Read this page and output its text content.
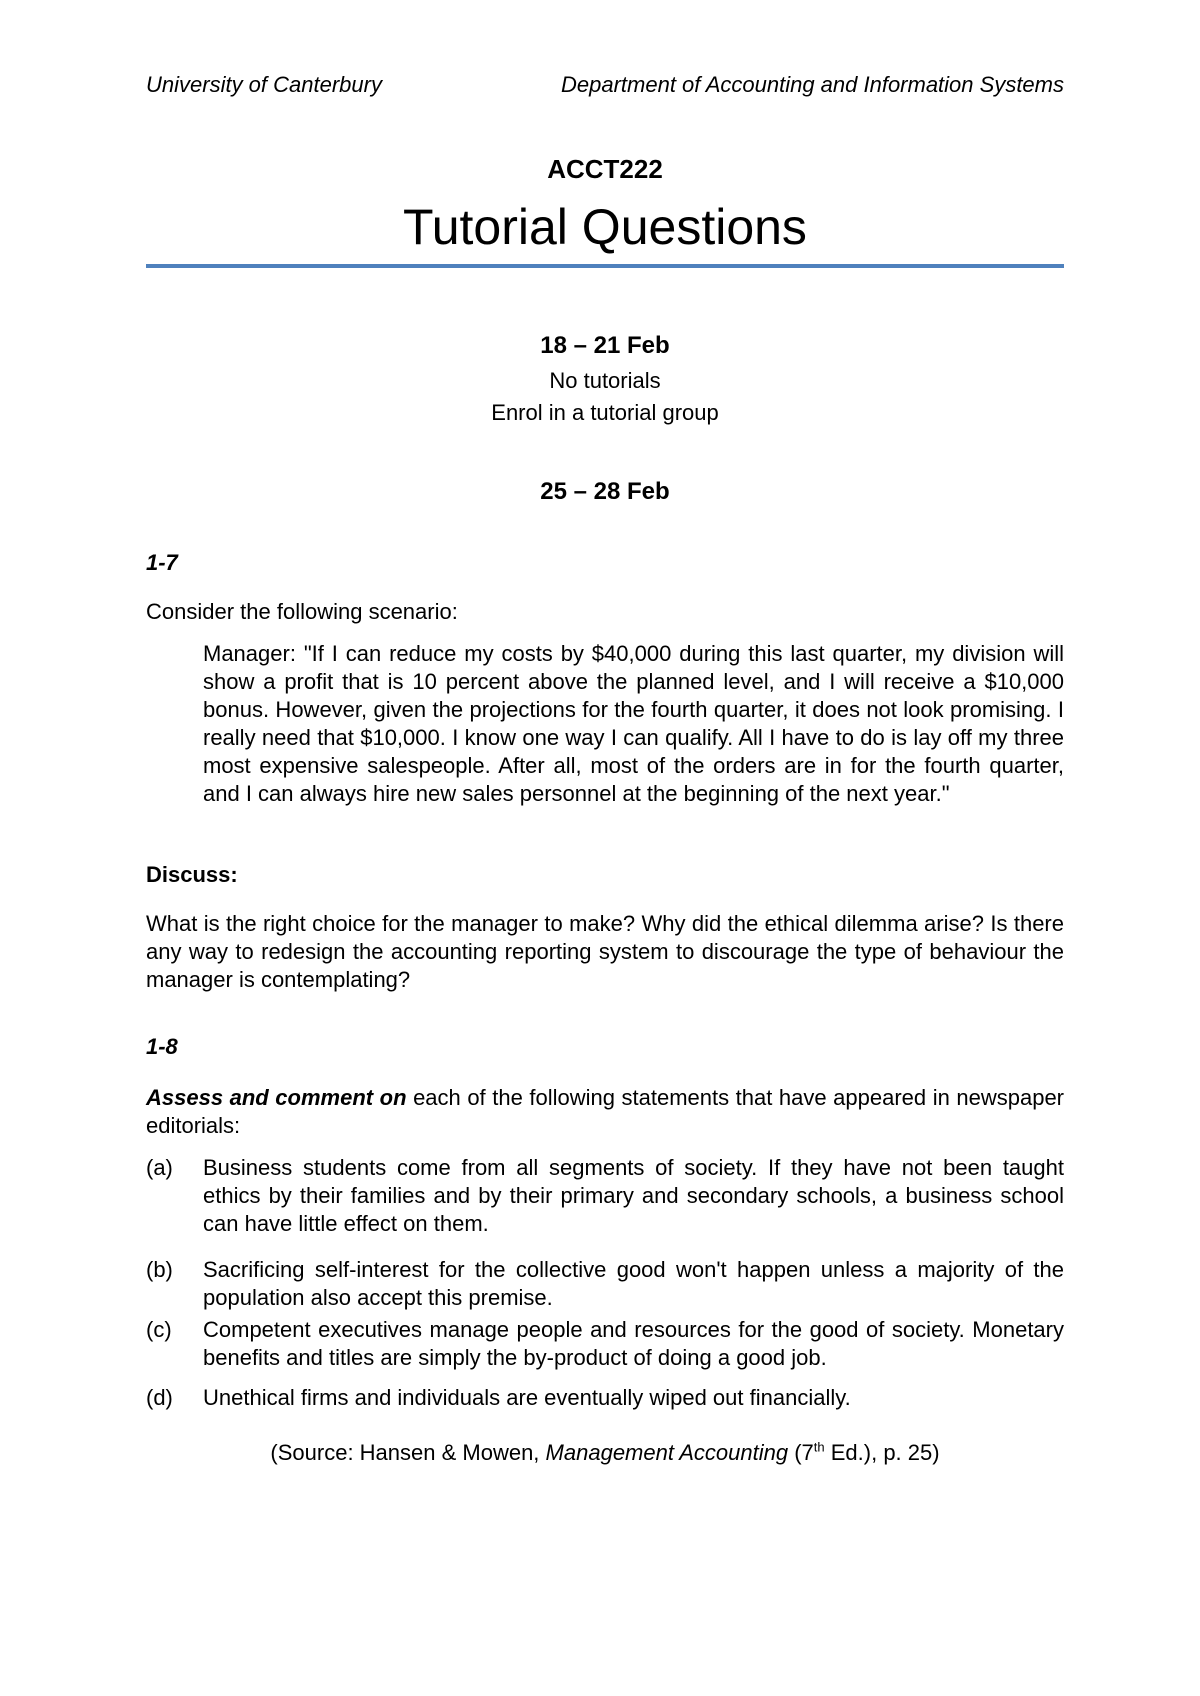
University of Canterbury	Department of Accounting and Information Systems
ACCT222
Tutorial Questions
18 – 21 Feb
No tutorials
Enrol in a tutorial group
25 – 28 Feb
1-7
Consider the following scenario:
Manager: "If I can reduce my costs by $40,000 during this last quarter, my division will show a profit that is 10 percent above the planned level, and I will receive a $10,000 bonus. However, given the projections for the fourth quarter, it does not look promising. I really need that $10,000. I know one way I can qualify. All I have to do is lay off my three most expensive salespeople. After all, most of the orders are in for the fourth quarter, and I can always hire new sales personnel at the beginning of the next year."
Discuss:
What is the right choice for the manager to make? Why did the ethical dilemma arise? Is there any way to redesign the accounting reporting system to discourage the type of behaviour the manager is contemplating?
1-8
Assess and comment on each of the following statements that have appeared in newspaper editorials:
(a) Business students come from all segments of society. If they have not been taught ethics by their families and by their primary and secondary schools, a business school can have little effect on them.
(b) Sacrificing self-interest for the collective good won't happen unless a majority of the population also accept this premise.
(c) Competent executives manage people and resources for the good of society. Monetary benefits and titles are simply the by-product of doing a good job.
(d) Unethical firms and individuals are eventually wiped out financially.
(Source: Hansen & Mowen, Management Accounting (7th Ed.), p. 25)
